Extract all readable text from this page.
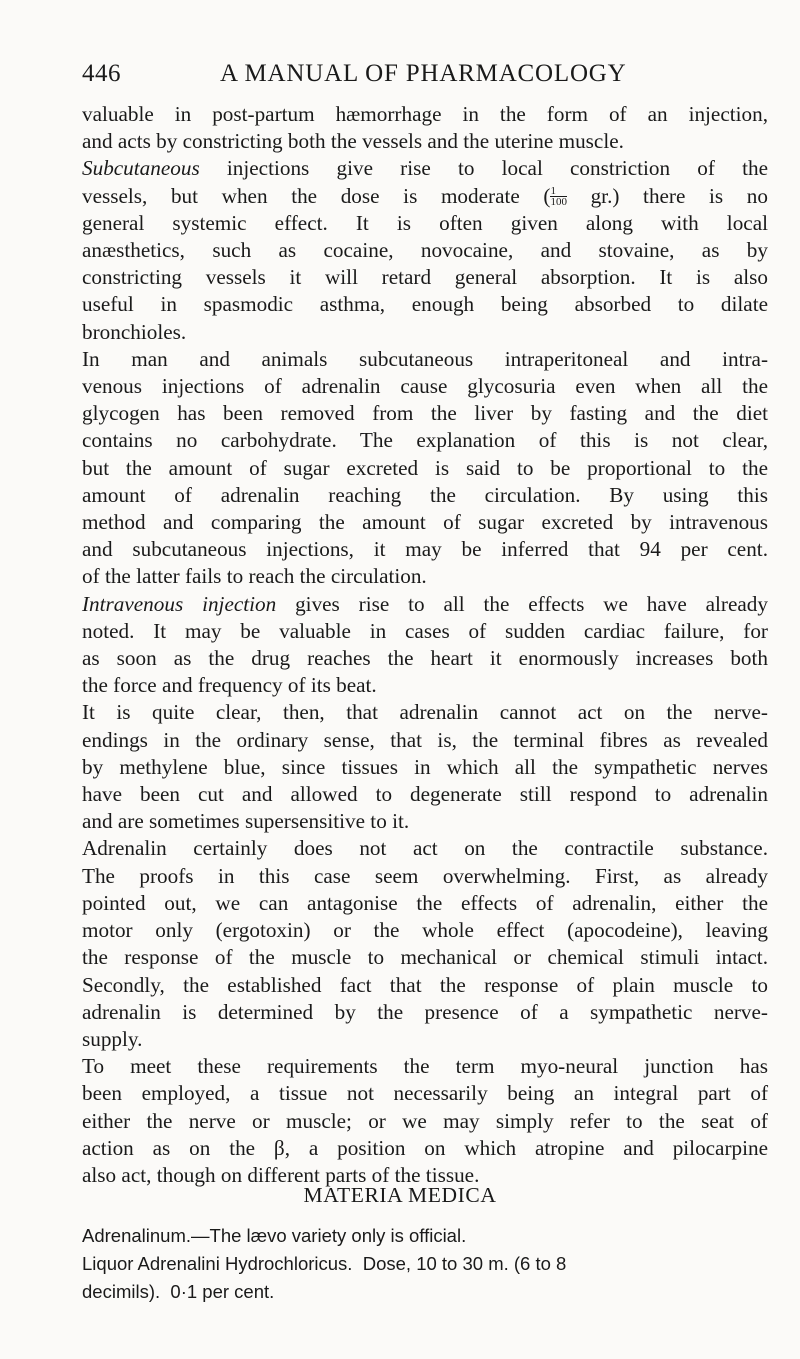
446	A MANUAL OF PHARMACOLOGY
valuable in post-partum hæmorrhage in the form of an injection,
and acts by constricting both the vessels and the uterine muscle.
Subcutaneous injections give rise to local constriction of the
vessels, but when the dose is moderate ( $\frac{1}{100} gr$.) there is no
general systemic effect. It is often given along with local
anæsthetics, such as cocaine, novocaine, and stovaine, as by
constricting vessels it will retard general absorption. It is also
useful in spasmodic asthma, enough being absorbed to dilate
bronchioles.
In man and animals subcutaneous intraperitoneal and intra-
venous injections of adrenalin cause glycosuria even when all the
glycogen has been removed from the liver by fasting and the diet
contains no carbohydrate. The explanation of this is not clear,
but the amount of sugar excreted is said to be proportional to the
amount of adrenalin reaching the circulation. By using this
method and comparing the amount of sugar excreted by intravenous
and subcutaneous injections, it may be inferred that 94 per cent.
of the latter fails to reach the circulation.
Intravenous injection gives rise to all the effects we have already
noted. It may be valuable in cases of sudden cardiac failure, for
as soon as the drug reaches the heart it enormously increases both
the force and frequency of its beat.
It is quite clear, then, that adrenalin cannot act on the nerve-
endings in the ordinary sense, that is, the terminal fibres as revealed
by methylene blue, since tissues in which all the sympathetic nerves
have been cut and allowed to degenerate still respond to adrenalin
and are sometimes supersensitive to it.
Adrenalin certainly does not act on the contractile substance.
The proofs in this case seem overwhelming. First, as already
pointed out, we can antagonise the effects of adrenalin, either the
motor only (ergotoxin) or the whole effect (apocodeine), leaving
the response of the muscle to mechanical or chemical stimuli intact.
Secondly, the established fact that the response of plain muscle to
adrenalin is determined by the presence of a sympathetic nerve-
supply.
To meet these requirements the term myo-neural junction has
been employed, a tissue not necessarily being an integral part of
either the nerve or muscle; or we may simply refer to the seat of
action as on the β, a position on which atropine and pilocarpine
also act, though on different parts of the tissue.
MATERIA MEDICA
Adrenalinum.—The lævo variety only is official.
Liquor Adrenalini Hydrochloricus.  Dose, 10 to 30 m. (6 to 8
decimils).  0·1 per cent.
